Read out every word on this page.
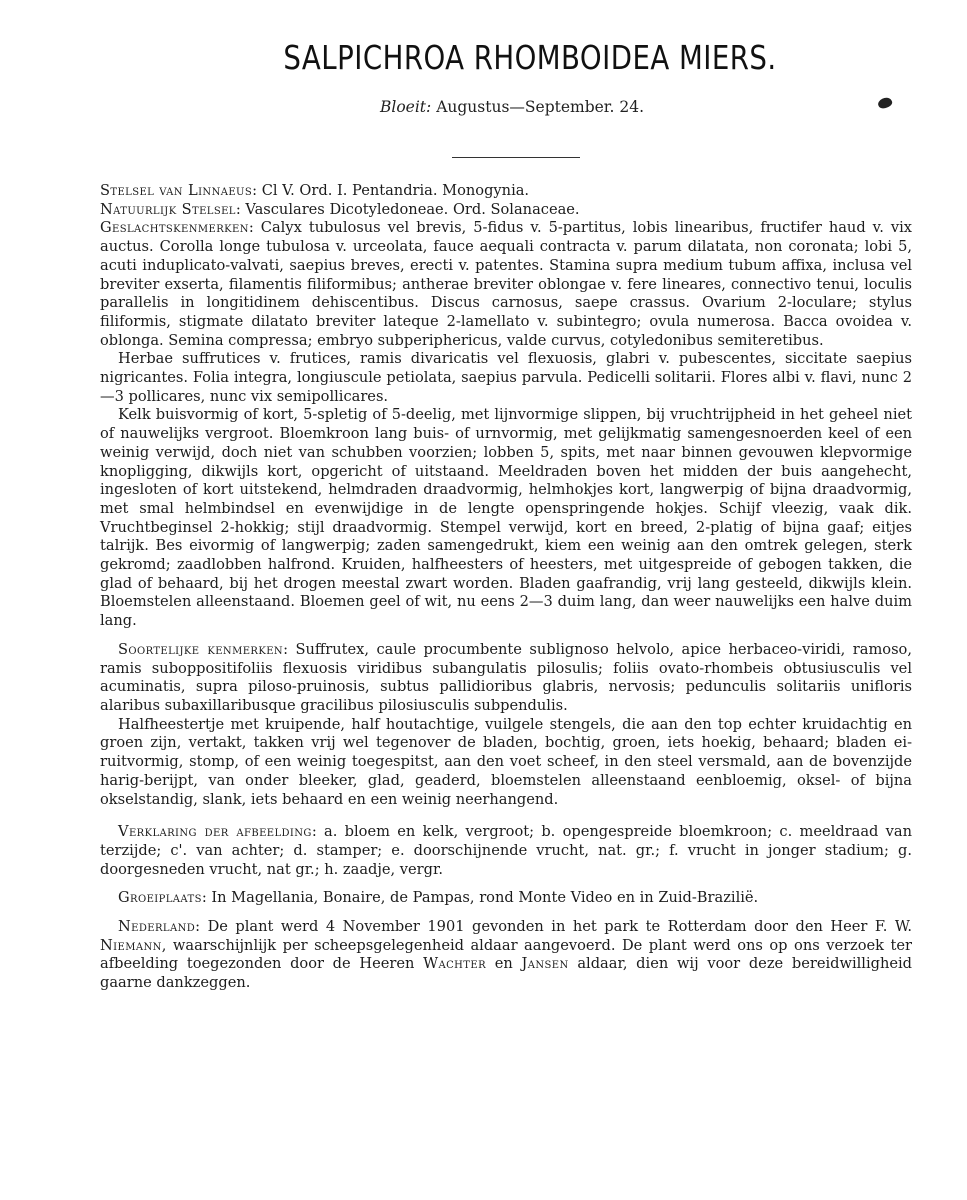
SALPICHROA RHOMBOIDEA MIERS.
Bloeit: Augustus—September. 24.

Stelsel van Linnaeus: Cl V. Ord. I. Pentandria. Monogynia.

Natuurlijk Stelsel: Vasculares Dicotyledoneae. Ord. Solanaceae.

Geslachtskenmerken: Calyx tubulosus vel brevis, 5-fidus v. 5-partitus, lobis linearibus, fructifer haud v. vix auctus. Corolla longe tubulosa v. urceolata, fauce aequali contracta v. parum dilatata, non coronata; lobi 5, acuti induplicato-valvati, saepius breves, erecti v. patentes. Stamina supra medium tubum affixa, inclusa vel breviter exserta, filamentis filiformibus; antherae breviter oblongae v. fere lineares, connectivo tenui, loculis parallelis in longitidinem dehiscentibus. Discus carnosus, saepe crassus. Ovarium 2-loculare; stylus filiformis, stigmate dilatato breviter lateque 2-lamellato v. subintegro; ovula numerosa. Bacca ovoidea v. oblonga. Semina compressa; embryo subperiphericus, valde curvus, cotyledonibus semiteretibus.

Herbae suffrutices v. frutices, ramis divaricatis vel flexuosis, glabri v. pubescentes, siccitate saepius nigricantes. Folia integra, longiuscule petiolata, saepius parvula. Pedicelli solitarii. Flores albi v. flavi, nunc 2—3 pollicares, nunc vix semipollicares.

Kelk buisvormig of kort, 5-spletig of 5-deelig, met lijnvormige slippen, bij vruchtrijpheid in het geheel niet of nauwelijks vergroot. Bloemkroon lang buis- of urnvormig, met gelijkmatig samengesnoerden keel of een weinig verwijd, doch niet van schubben voorzien; lobben 5, spits, met naar binnen gevouwen klepvormige knopligging, dikwijls kort, opgericht of uitstaand. Meeldraden boven het midden der buis aangehecht, ingesloten of kort uitstekend, helmdraden draadvormig, helmhokjes kort, langwerpig of bijna draadvormig, met smal helmbindsel en evenwijdige in de lengte openspringende hokjes. Schijf vleezig, vaak dik. Vruchtbeginsel 2-hokkig; stijl draadvormig. Stempel verwijd, kort en breed, 2-platig of bijna gaaf; eitjes talrijk. Bes eivormig of langwerpig; zaden samengedrukt, kiem een weinig aan den omtrek gelegen, sterk gekromd; zaadlobben halfrond. Kruiden, halfheesters of heesters, met uitgespreide of gebogen takken, die glad of behaard, bij het drogen meestal zwart worden. Bladen gaafrandig, vrij lang gesteeld, dikwijls klein. Bloemstelen alleenstaand. Bloemen geel of wit, nu eens 2—3 duim lang, dan weer nauwelijks een halve duim lang.

Soortelijke kenmerken: Suffrutex, caule procumbente sublignoso helvolo, apice herbaceo-viridi, ramoso, ramis suboppositifoliis flexuosis viridibus subangulatis pilosulis; foliis ovato-rhombeis obtusiusculis vel acuminatis, supra piloso-pruinosis, subtus pallidioribus glabris, nervosis; pedunculis solitariis unifloris alaribus subaxillaribusque gracilibus pilosiusculis subpendulis.

Halfheestertje met kruipende, half houtachtige, vuilgele stengels, die aan den top echter kruidachtig en groen zijn, vertakt, takken vrij wel tegenover de bladen, bochtig, groen, iets hoekig, behaard; bladen ei-ruitvormig, stomp, of een weinig toegespitst, aan den voet scheef, in den steel versmald, aan de bovenzijde harig-berijpt, van onder bleeker, glad, geaderd, bloemstelen alleenstaand eenbloemig, oksel- of bijna okselstandig, slank, iets behaard en een weinig neerhangend.

Verklaring der afbeelding: a. bloem en kelk, vergroot; b. opengespreide bloemkroon; c. meeldraad van terzijde; c'. van achter; d. stamper; e. doorschijnende vrucht, nat. gr.; f. vrucht in jonger stadium; g. doorgesneden vrucht, nat gr.; h. zaadje, vergr.

Groeiplaats: In Magellania, Bonaire, de Pampas, rond Monte Video en in Zuid-Brazilië.

Nederland: De plant werd 4 November 1901 gevonden in het park te Rotterdam door den Heer F. W. Niemann, waarschijnlijk per scheepsgelegenheid aldaar aangevoerd. De plant werd ons op ons verzoek ter afbeelding toegezonden door de Heeren Wachter en Jansen aldaar, dien wij voor deze bereidwilligheid gaarne dankzeggen.
